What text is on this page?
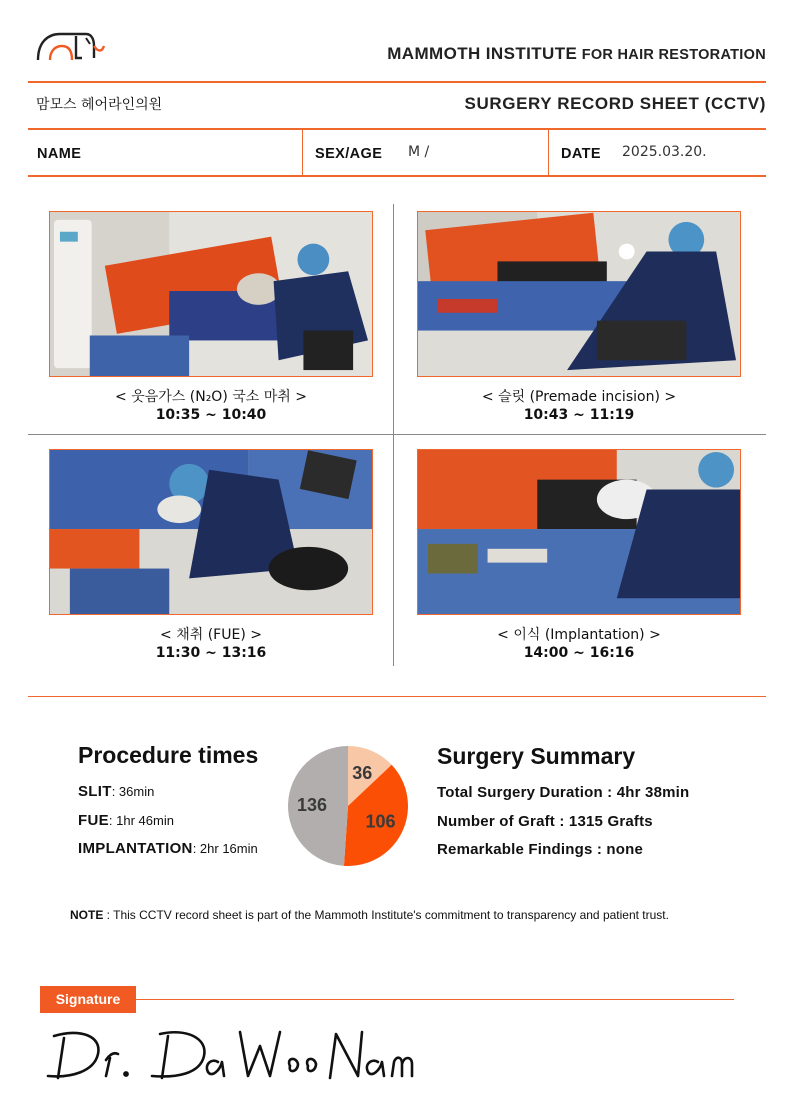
MAMMOTH INSTITUTE FOR HAIR RESTORATION
맘모스 헤어라인의원	SURGERY RECORD SHEET (CCTV)
NAME	SEX/AGE M /	DATE 2025.03.20.
< 웃음가스 (N₂O) 국소 마취 >
10:35 ~ 10:40
< 슬릿 (Premade incision) >
10:43 ~ 11:19
< 채취 (FUE) >
11:30 ~ 13:16
< 이식 (Implantation) >
14:00 ~ 16:16
Procedure times
SLIT: 36min
FUE: 1hr 46min
IMPLANTATION: 2hr 16min
36
106
136
Surgery Summary
Total Surgery Duration : 4hr 38min
Number of Graft : 1315 Grafts
Remarkable Findings : none
NOTE : This CCTV record sheet is part of the Mammoth Institute's commitment to transparency and patient trust.
Signature
